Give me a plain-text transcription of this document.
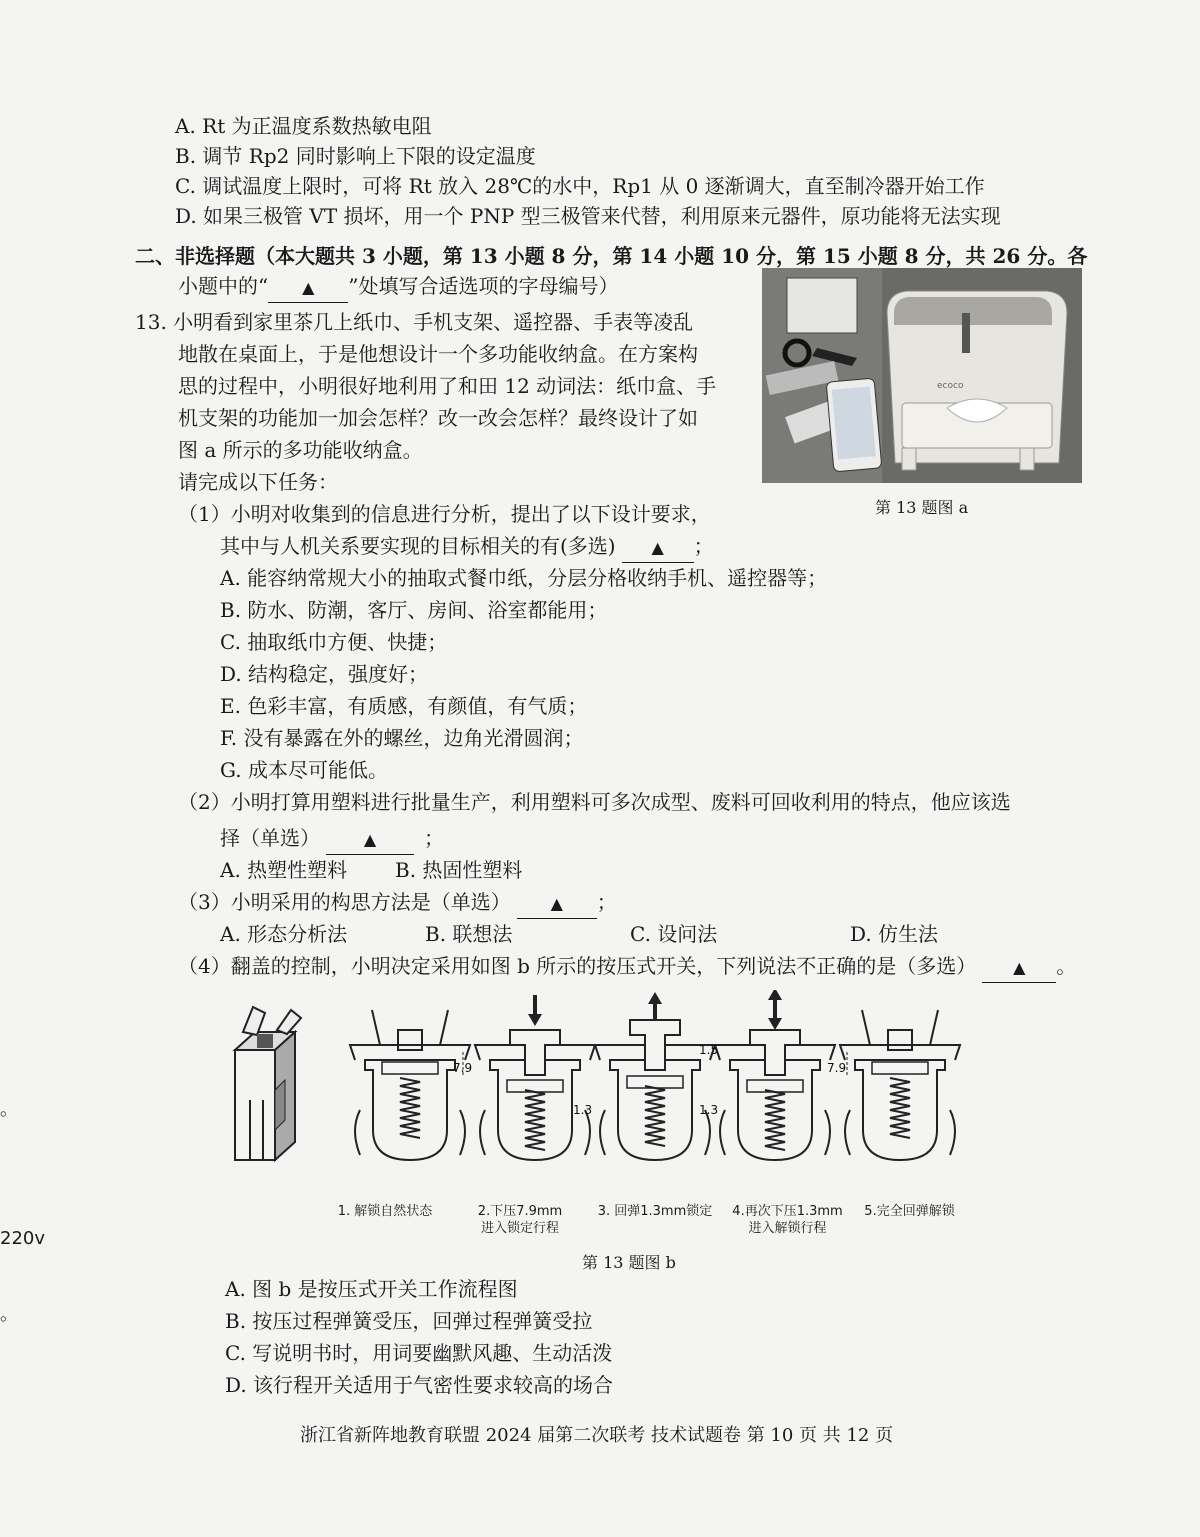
A. Rt 为正温度系数热敏电阻
B. 调节 Rp2 同时影响上下限的设定温度
C. 调试温度上限时，可将 Rt 放入 28℃的水中，Rp1 从 0 逐渐调大，直至制冷器开始工作
D. 如果三极管 VT 损坏，用一个 PNP 型三极管来代替，利用原来元器件，原功能将无法实现
二、非选择题（本大题共 3 小题，第 13 小题 8 分，第 14 小题 10 分，第 15 小题 8 分，共 26 分。各
小题中的“ ▲ ”处填写合适选项的字母编号）
13. 小明看到家里茶几上纸巾、手机支架、遥控器、手表等凌乱
地散在桌面上，于是他想设计一个多功能收纳盒。在方案构
思的过程中，小明很好地利用了和田 12 动词法：纸巾盒、手
机支架的功能加一加会怎样？改一改会怎样？最终设计了如
图 a 所示的多功能收纳盒。
请完成以下任务：
ecoco
第 13 题图 a
（1）小明对收集到的信息进行分析，提出了以下设计要求，
其中与人机关系要实现的目标相关的有(多选) ▲ ；
A. 能容纳常规大小的抽取式餐巾纸，分层分格收纳手机、遥控器等；
B. 防水、防潮，客厅、房间、浴室都能用；
C. 抽取纸巾方便、快捷；
D. 结构稳定，强度好；
E. 色彩丰富，有质感，有颜值，有气质；
F. 没有暴露在外的螺丝，边角光滑圆润；
G. 成本尽可能低。
（2）小明打算用塑料进行批量生产，利用塑料可多次成型、废料可回收利用的特点，他应该选
择（单选）	▲ ；
A. 热塑性塑料 B. 热固性塑料
（3）小明采用的构思方法是（单选） ▲ ；
A. 形态分析法	B. 联想法	C. 设问法	D. 仿生法
（4）翻盖的控制，小明决定采用如图 b 所示的按压式开关，下列说法不正确的是（多选） ▲ 。
7.9
1.3
1.5
1.3
7.9
1. 解锁自然状态	2.下压7.9mm
进入锁定行程
3. 回弹1.3mm锁定	4.再次下压1.3mm
进入解锁行程
5.完全回弹解锁
第 13 题图 b
A. 图 b 是按压式开关工作流程图
B. 按压过程弹簧受压，回弹过程弹簧受拉
C. 写说明书时，用词要幽默风趣、生动活泼
D. 该行程开关适用于气密性要求较高的场合
浙江省新阵地教育联盟 2024 届第二次联考 技术试题卷 第 10 页 共 12 页
。
220v
。
